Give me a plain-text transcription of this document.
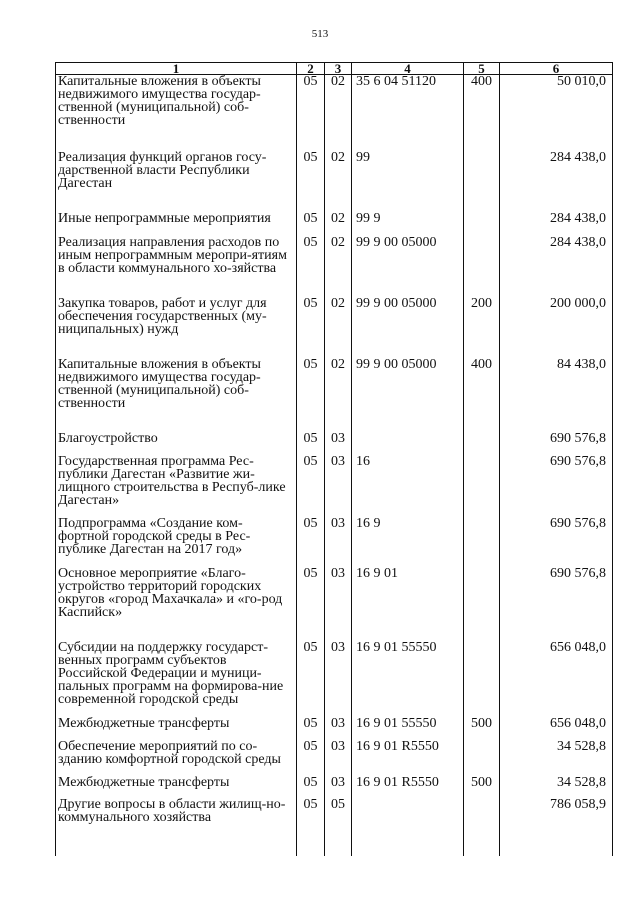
513
1	2	3	4	5	6
Капитальные вложения в объекты недвижимого имущества государ-ственной (муниципальной) соб-ственности	05	02	35 6 04 51120	400	50 010,0

Реализация функций органов госу-дарственной власти Республики Дагестан	05	02	99		284 438,0

Иные непрограммные мероприятия	05	02	99 9		284 438,0

Реализация направления расходов по иным непрограммным меропри-ятиям в области коммунального хо-зяйства	05	02	99 9 00 05000		284 438,0

Закупка товаров, работ и услуг для обеспечения государственных (му-ниципальных) нужд	05	02	99 9 00 05000	200	200 000,0

Капитальные вложения в объекты недвижимого имущества государ-ственной (муниципальной) соб-ственности	05	02	99 9 00 05000	400	84 438,0

Благоустройство	05	03			690 576,8

Государственная программа Рес-публики Дагестан «Развитие жи-лищного строительства в Респуб-лике Дагестан»	05	03	16		690 576,8

Подпрограмма «Создание ком-фортной городской среды в Рес-публике Дагестан на 2017 год»	05	03	16 9		690 576,8

Основное мероприятие «Благо-устройство территорий городских округов «город Махачкала» и «го-род Каспийск»	05	03	16 9 01		690 576,8

Субсидии на поддержку государст-венных программ субъектов Российской Федерации и муници-пальных программ на формирова-ние современной городской среды	05	03	16 9 01 55550		656 048,0

Межбюджетные трансферты	05	03	16 9 01 55550	500	656 048,0

Обеспечение мероприятий по со-зданию комфортной городской среды	05	03	16 9 01 R5550		34 528,8

Межбюджетные трансферты	05	03	16 9 01 R5550	500	34 528,8

Другие вопросы в области жилищ-но-коммунального хозяйства	05	05			786 058,9
